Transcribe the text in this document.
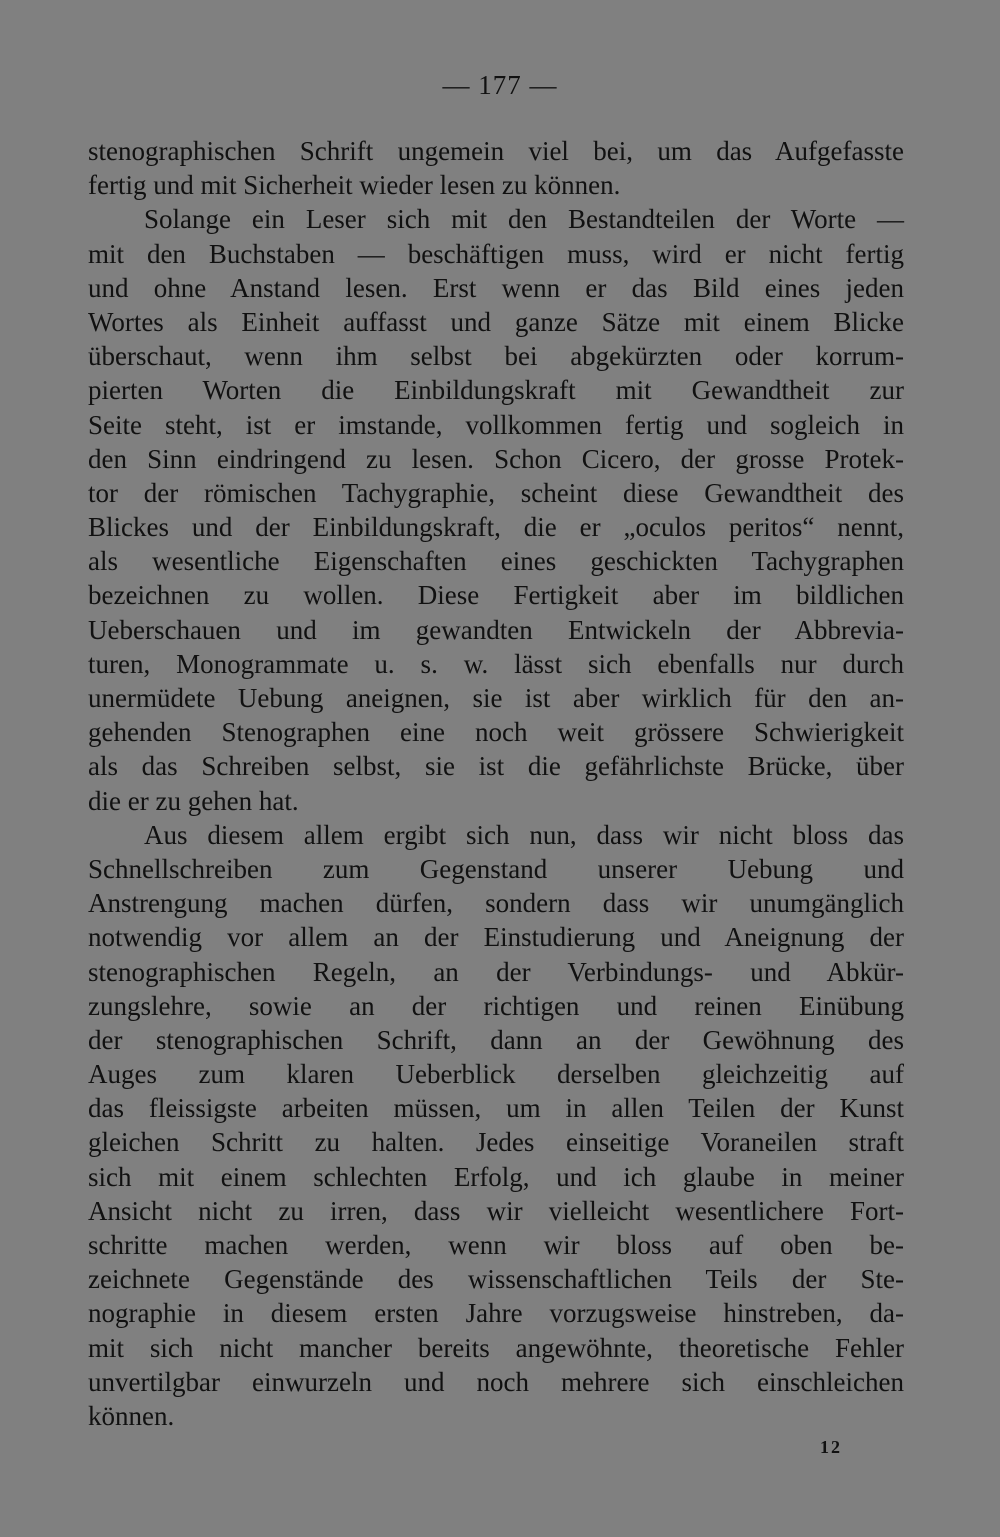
— 177 —
stenographischen Schrift ungemein viel bei, um das Aufgefasste
fertig und mit Sicherheit wieder lesen zu können.
Solange ein Leser sich mit den Bestandteilen der Worte —
mit den Buchstaben — beschäftigen muss, wird er nicht fertig
und ohne Anstand lesen. Erst wenn er das Bild eines jeden
Wortes als Einheit auffasst und ganze Sätze mit einem Blicke
überschaut, wenn ihm selbst bei abgekürzten oder korrum-
pierten Worten die Einbildungskraft mit Gewandtheit zur
Seite steht, ist er imstande, vollkommen fertig und sogleich in
den Sinn eindringend zu lesen. Schon Cicero, der grosse Protek-
tor der römischen Tachygraphie, scheint diese Gewandtheit des
Blickes und der Einbildungskraft, die er „oculos peritos“ nennt,
als wesentliche Eigenschaften eines geschickten Tachygraphen
bezeichnen zu wollen. Diese Fertigkeit aber im bildlichen
Ueberschauen und im gewandten Entwickeln der Abbrevia-
turen, Monogrammate u. s. w. lässt sich ebenfalls nur durch
unermüdete Uebung aneignen, sie ist aber wirklich für den an-
gehenden Stenographen eine noch weit grössere Schwierigkeit
als das Schreiben selbst, sie ist die gefährlichste Brücke, über
die er zu gehen hat.
Aus diesem allem ergibt sich nun, dass wir nicht bloss das
Schnellschreiben zum Gegenstand unserer Uebung und
Anstrengung machen dürfen, sondern dass wir unumgänglich
notwendig vor allem an der Einstudierung und Aneignung der
stenographischen Regeln, an der Verbindungs- und Abkür-
zungslehre, sowie an der richtigen und reinen Einübung
der stenographischen Schrift, dann an der Gewöhnung des
Auges zum klaren Ueberblick derselben gleichzeitig auf
das fleissigste arbeiten müssen, um in allen Teilen der Kunst
gleichen Schritt zu halten. Jedes einseitige Voraneilen straft
sich mit einem schlechten Erfolg, und ich glaube in meiner
Ansicht nicht zu irren, dass wir vielleicht wesentlichere Fort-
schritte machen werden, wenn wir bloss auf oben be-
zeichnete Gegenstände des wissenschaftlichen Teils der Ste-
nographie in diesem ersten Jahre vorzugsweise hinstreben, da-
mit sich nicht mancher bereits angewöhnte, theoretische Fehler
unvertilgbar einwurzeln und noch mehrere sich einschleichen
können.
12
